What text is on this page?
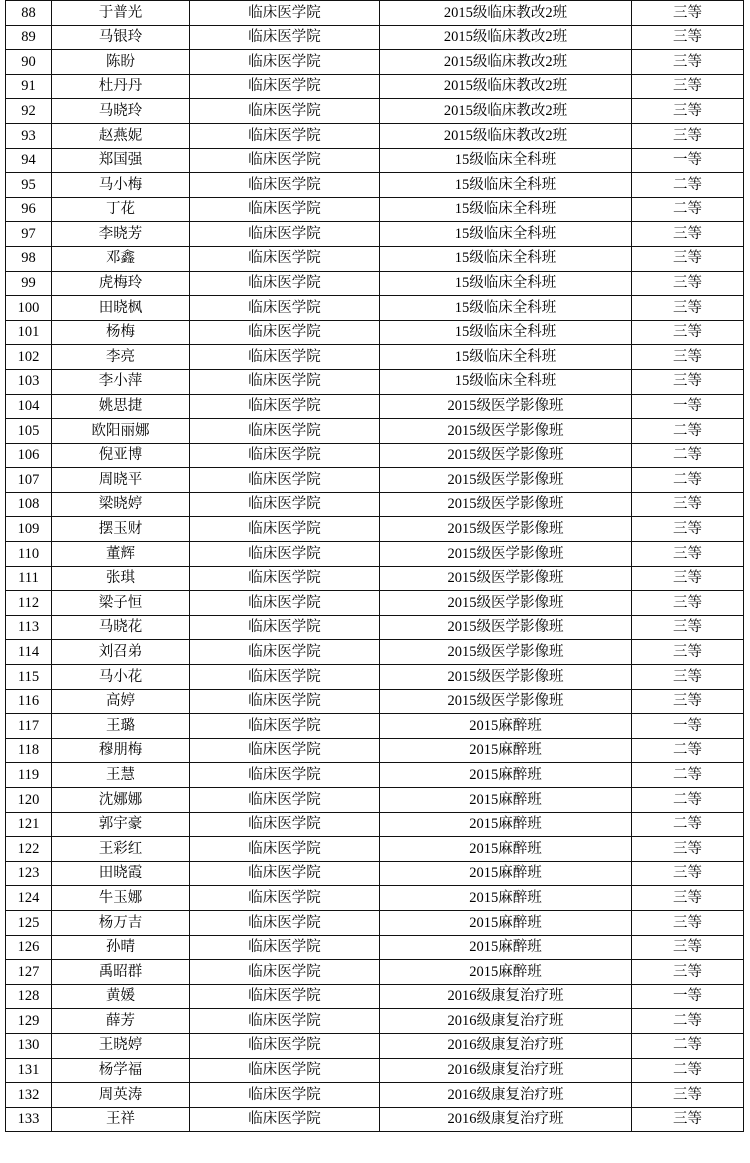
88	于普光	临床医学院	2015级临床教改2班	三等
89	马银玲	临床医学院	2015级临床教改2班	三等
90	陈盼	临床医学院	2015级临床教改2班	三等
91	杜丹丹	临床医学院	2015级临床教改2班	三等
92	马晓玲	临床医学院	2015级临床教改2班	三等
93	赵燕妮	临床医学院	2015级临床教改2班	三等
94	郑国强	临床医学院	15级临床全科班	一等
95	马小梅	临床医学院	15级临床全科班	二等
96	丁花	临床医学院	15级临床全科班	二等
97	李晓芳	临床医学院	15级临床全科班	三等
98	邓鑫	临床医学院	15级临床全科班	三等
99	虎梅玲	临床医学院	15级临床全科班	三等
100	田晓枫	临床医学院	15级临床全科班	三等
101	杨梅	临床医学院	15级临床全科班	三等
102	李亮	临床医学院	15级临床全科班	三等
103	李小萍	临床医学院	15级临床全科班	三等
104	姚思捷	临床医学院	2015级医学影像班	一等
105	欧阳丽娜	临床医学院	2015级医学影像班	二等
106	倪亚博	临床医学院	2015级医学影像班	二等
107	周晓平	临床医学院	2015级医学影像班	二等
108	梁晓婷	临床医学院	2015级医学影像班	三等
109	摆玉财	临床医学院	2015级医学影像班	三等
110	董辉	临床医学院	2015级医学影像班	三等
111	张琪	临床医学院	2015级医学影像班	三等
112	梁子恒	临床医学院	2015级医学影像班	三等
113	马晓花	临床医学院	2015级医学影像班	三等
114	刘召弟	临床医学院	2015级医学影像班	三等
115	马小花	临床医学院	2015级医学影像班	三等
116	高婷	临床医学院	2015级医学影像班	三等
117	王璐	临床医学院	2015麻醉班	一等
118	穆朋梅	临床医学院	2015麻醉班	二等
119	王慧	临床医学院	2015麻醉班	二等
120	沈娜娜	临床医学院	2015麻醉班	二等
121	郭宇豪	临床医学院	2015麻醉班	二等
122	王彩红	临床医学院	2015麻醉班	三等
123	田晓霞	临床医学院	2015麻醉班	三等
124	牛玉娜	临床医学院	2015麻醉班	三等
125	杨万吉	临床医学院	2015麻醉班	三等
126	孙晴	临床医学院	2015麻醉班	三等
127	禹昭群	临床医学院	2015麻醉班	三等
128	黄媛	临床医学院	2016级康复治疗班	一等
129	薛芳	临床医学院	2016级康复治疗班	二等
130	王晓婷	临床医学院	2016级康复治疗班	二等
131	杨学福	临床医学院	2016级康复治疗班	二等
132	周英涛	临床医学院	2016级康复治疗班	三等
133	王祥	临床医学院	2016级康复治疗班	三等
